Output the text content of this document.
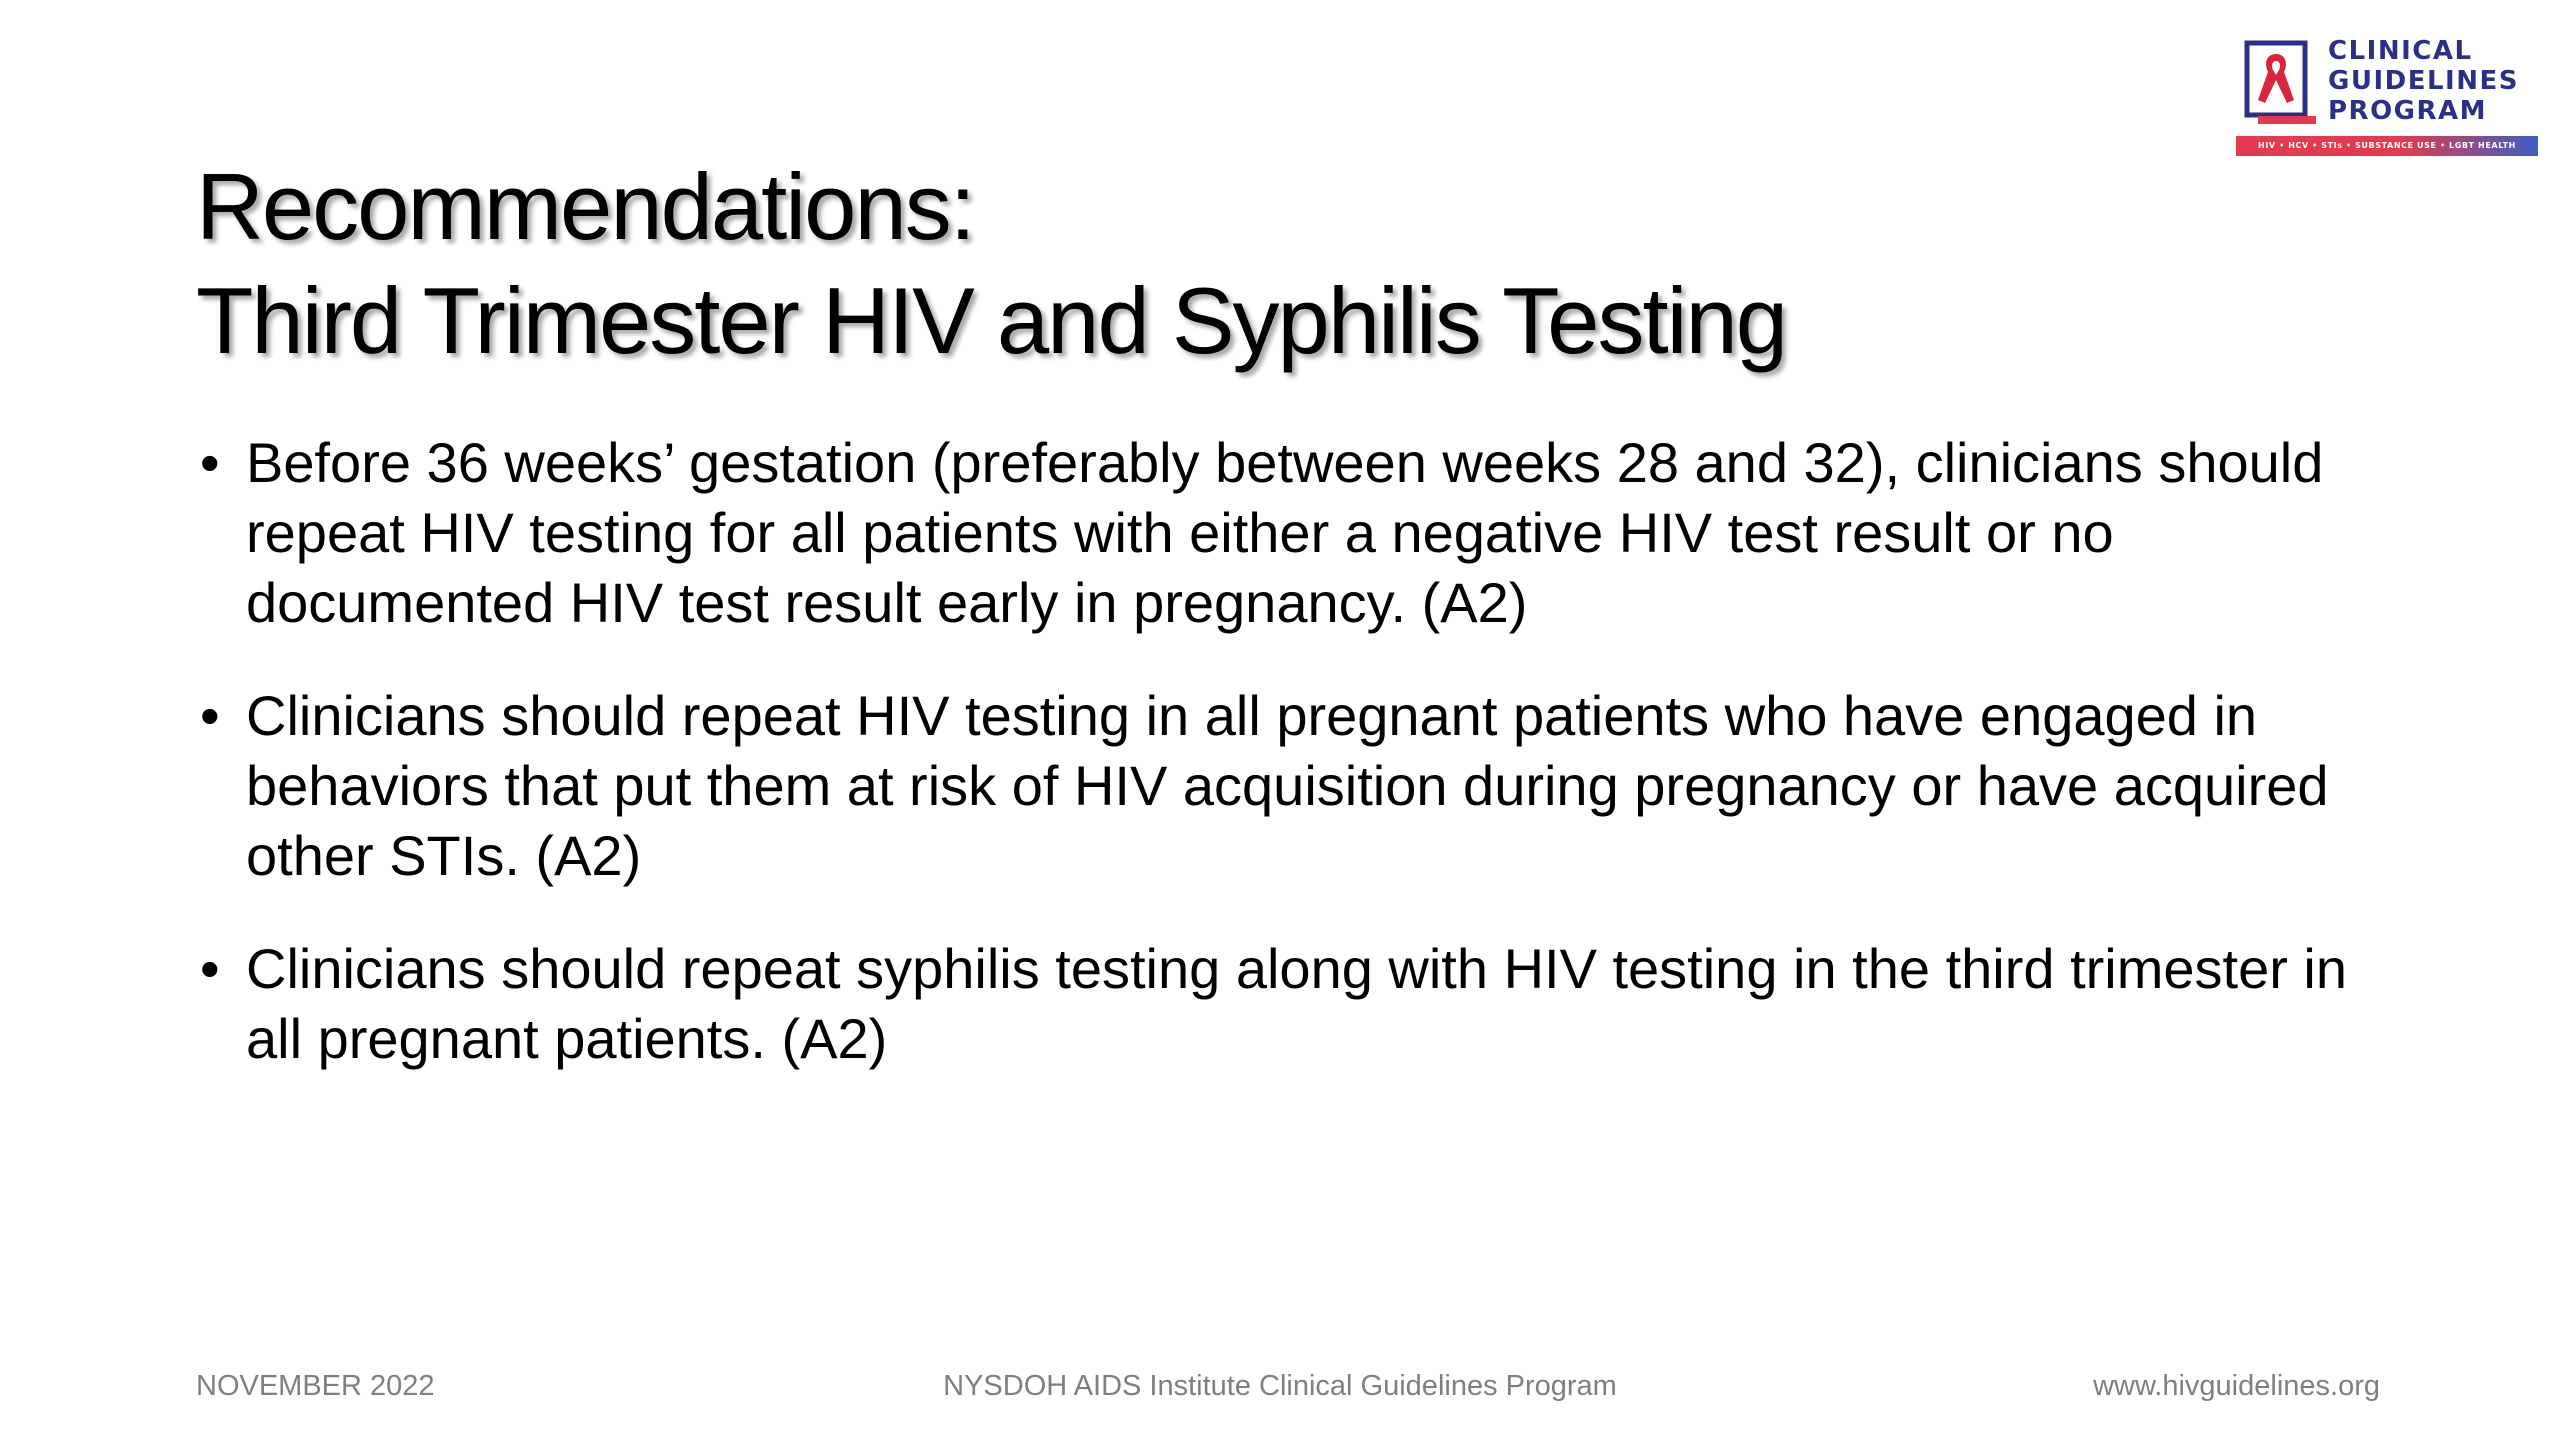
CLINICAL
GUIDELINES
PROGRAM
HIV • HCV • STIs • SUBSTANCE USE • LGBT HEALTH
Recommendations:
Third Trimester HIV and Syphilis Testing
• Before 36 weeks’ gestation (preferably between weeks 28 and 32), clinicians should repeat HIV testing for all patients with either a negative HIV test result or no documented HIV test result early in pregnancy. (A2)
• Clinicians should repeat HIV testing in all pregnant patients who have engaged in behaviors that put them at risk of HIV acquisition during pregnancy or have acquired other STIs. (A2)
• Clinicians should repeat syphilis testing along with HIV testing in the third trimester in all pregnant patients. (A2)
NOVEMBER 2022	NYSDOH AIDS Institute Clinical Guidelines Program	www.hivguidelines.org
